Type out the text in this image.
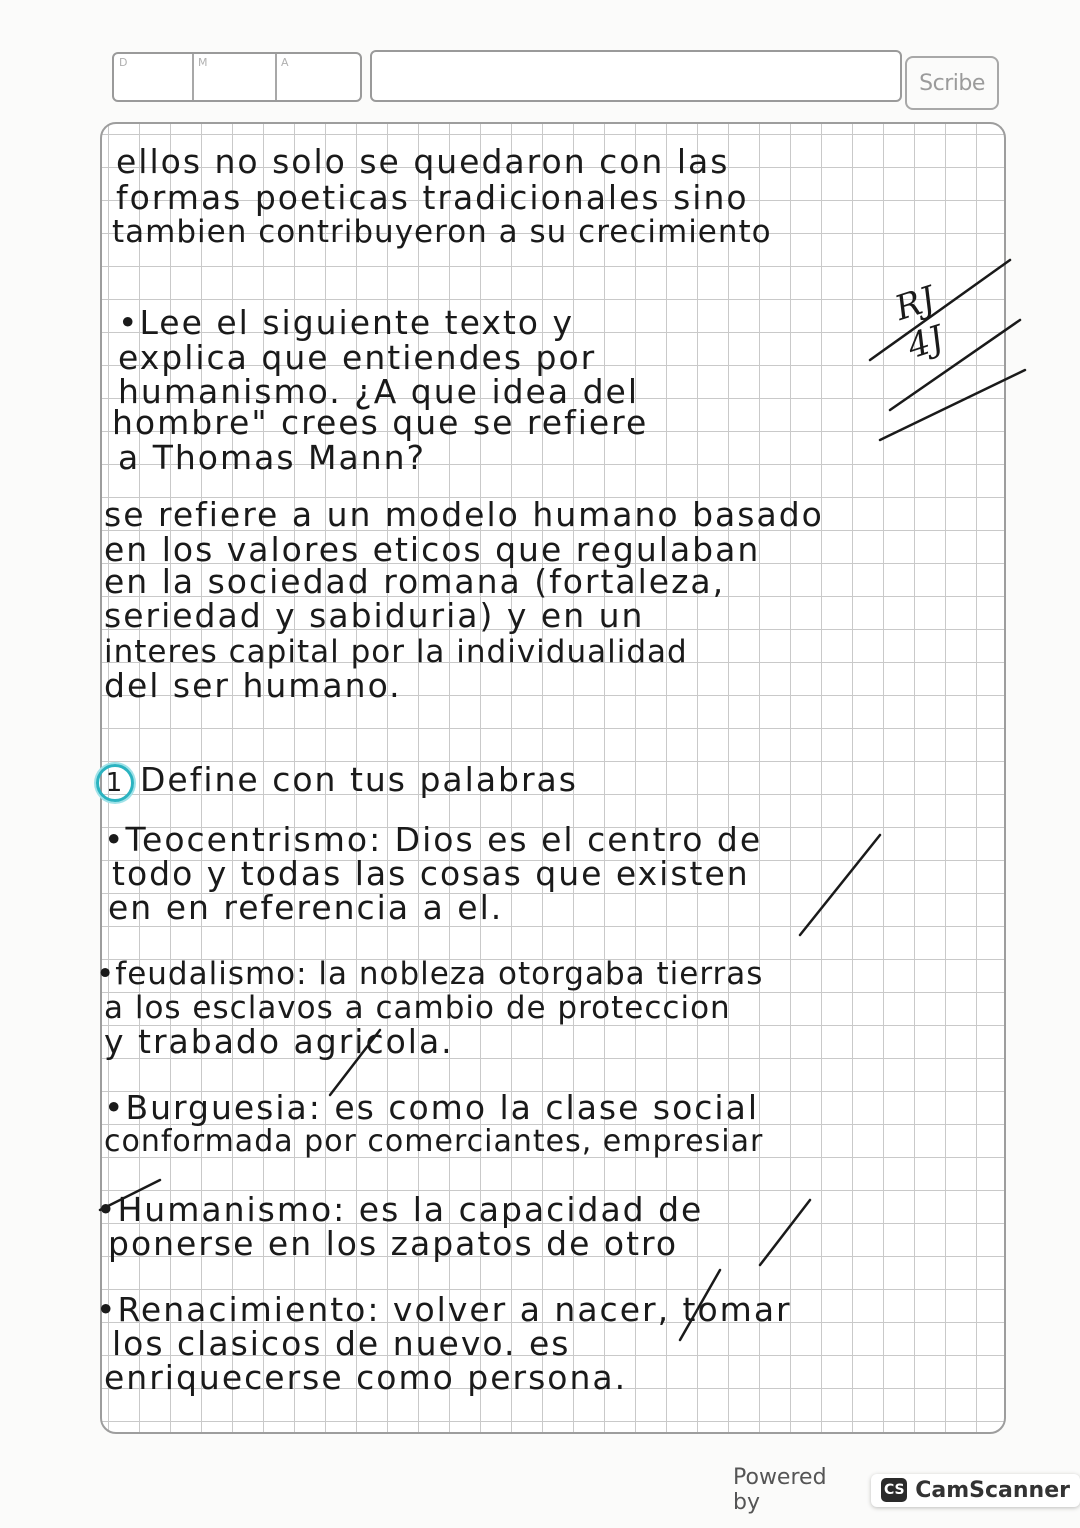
D	M	A
Scribe
ellos no solo se quedaron con las
formas poeticas tradicionales sino
tambien contribuyeron a su crecimiento
RJ 4J
•Lee el siguiente texto y
explica que entiendes por
humanismo. ¿A que idea del
hombre" crees que se refiere
a Thomas Mann?
se refiere a un modelo humano basado
en los valores eticos que regulaban
en la sociedad romana (fortaleza,
seriedad y sabiduria) y en un
interes capital por la individualidad
del ser humano.
1 Define con tus palabras
•Teocentrismo: Dios es el centro de
todo y todas las cosas que existen
en en referencia a el.
•feudalismo: la nobleza otorgaba tierras
a los esclavos a cambio de proteccion
y trabado agricola.
•Burguesia: es como la clase social
conformada por comerciantes, empresiar
•Humanismo: es la capacidad de
ponerse en los zapatos de otro
•Renacimiento: volver a nacer, tomar
los clasicos de nuevo. es
enriquecerse como persona.
Powered by	CS CamScanner
